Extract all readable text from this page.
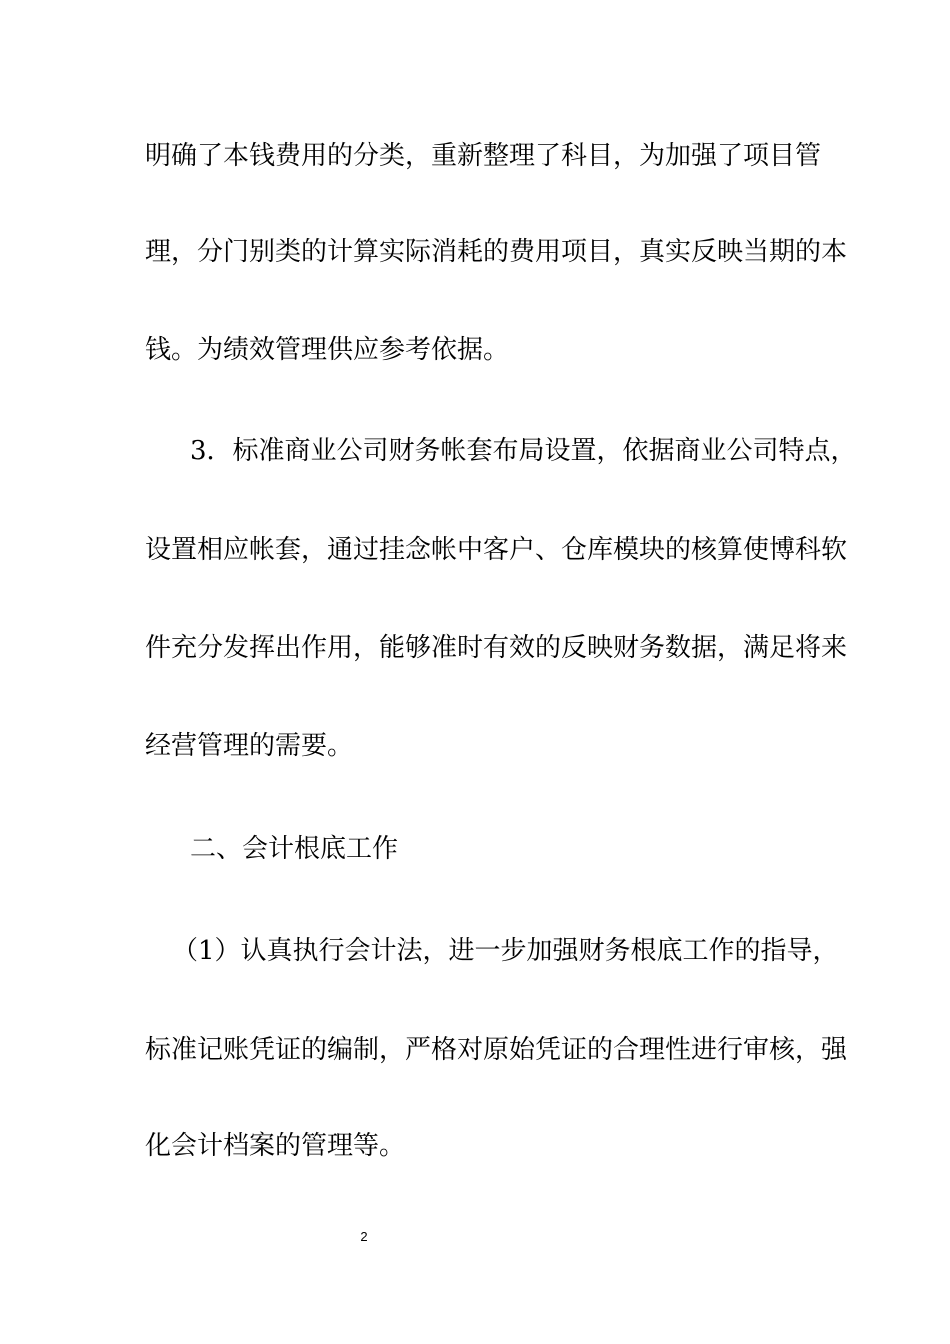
明确了本钱费用的分类，重新整理了科目，为加强了项目管
理，分门别类的计算实际消耗的费用项目，真实反映当期的本
钱。为绩效管理供应参考依据。
3．标准商业公司财务帐套布局设置，依据商业公司特点，
设置相应帐套，通过挂念帐中客户、仓库模块的核算使博科软
件充分发挥出作用，能够准时有效的反映财务数据，满足将来
经营管理的需要。
二、会计根底工作
（1）认真执行会计法，进一步加强财务根底工作的指导，
标准记账凭证的编制，严格对原始凭证的合理性进行审核，强
化会计档案的管理等。
2
